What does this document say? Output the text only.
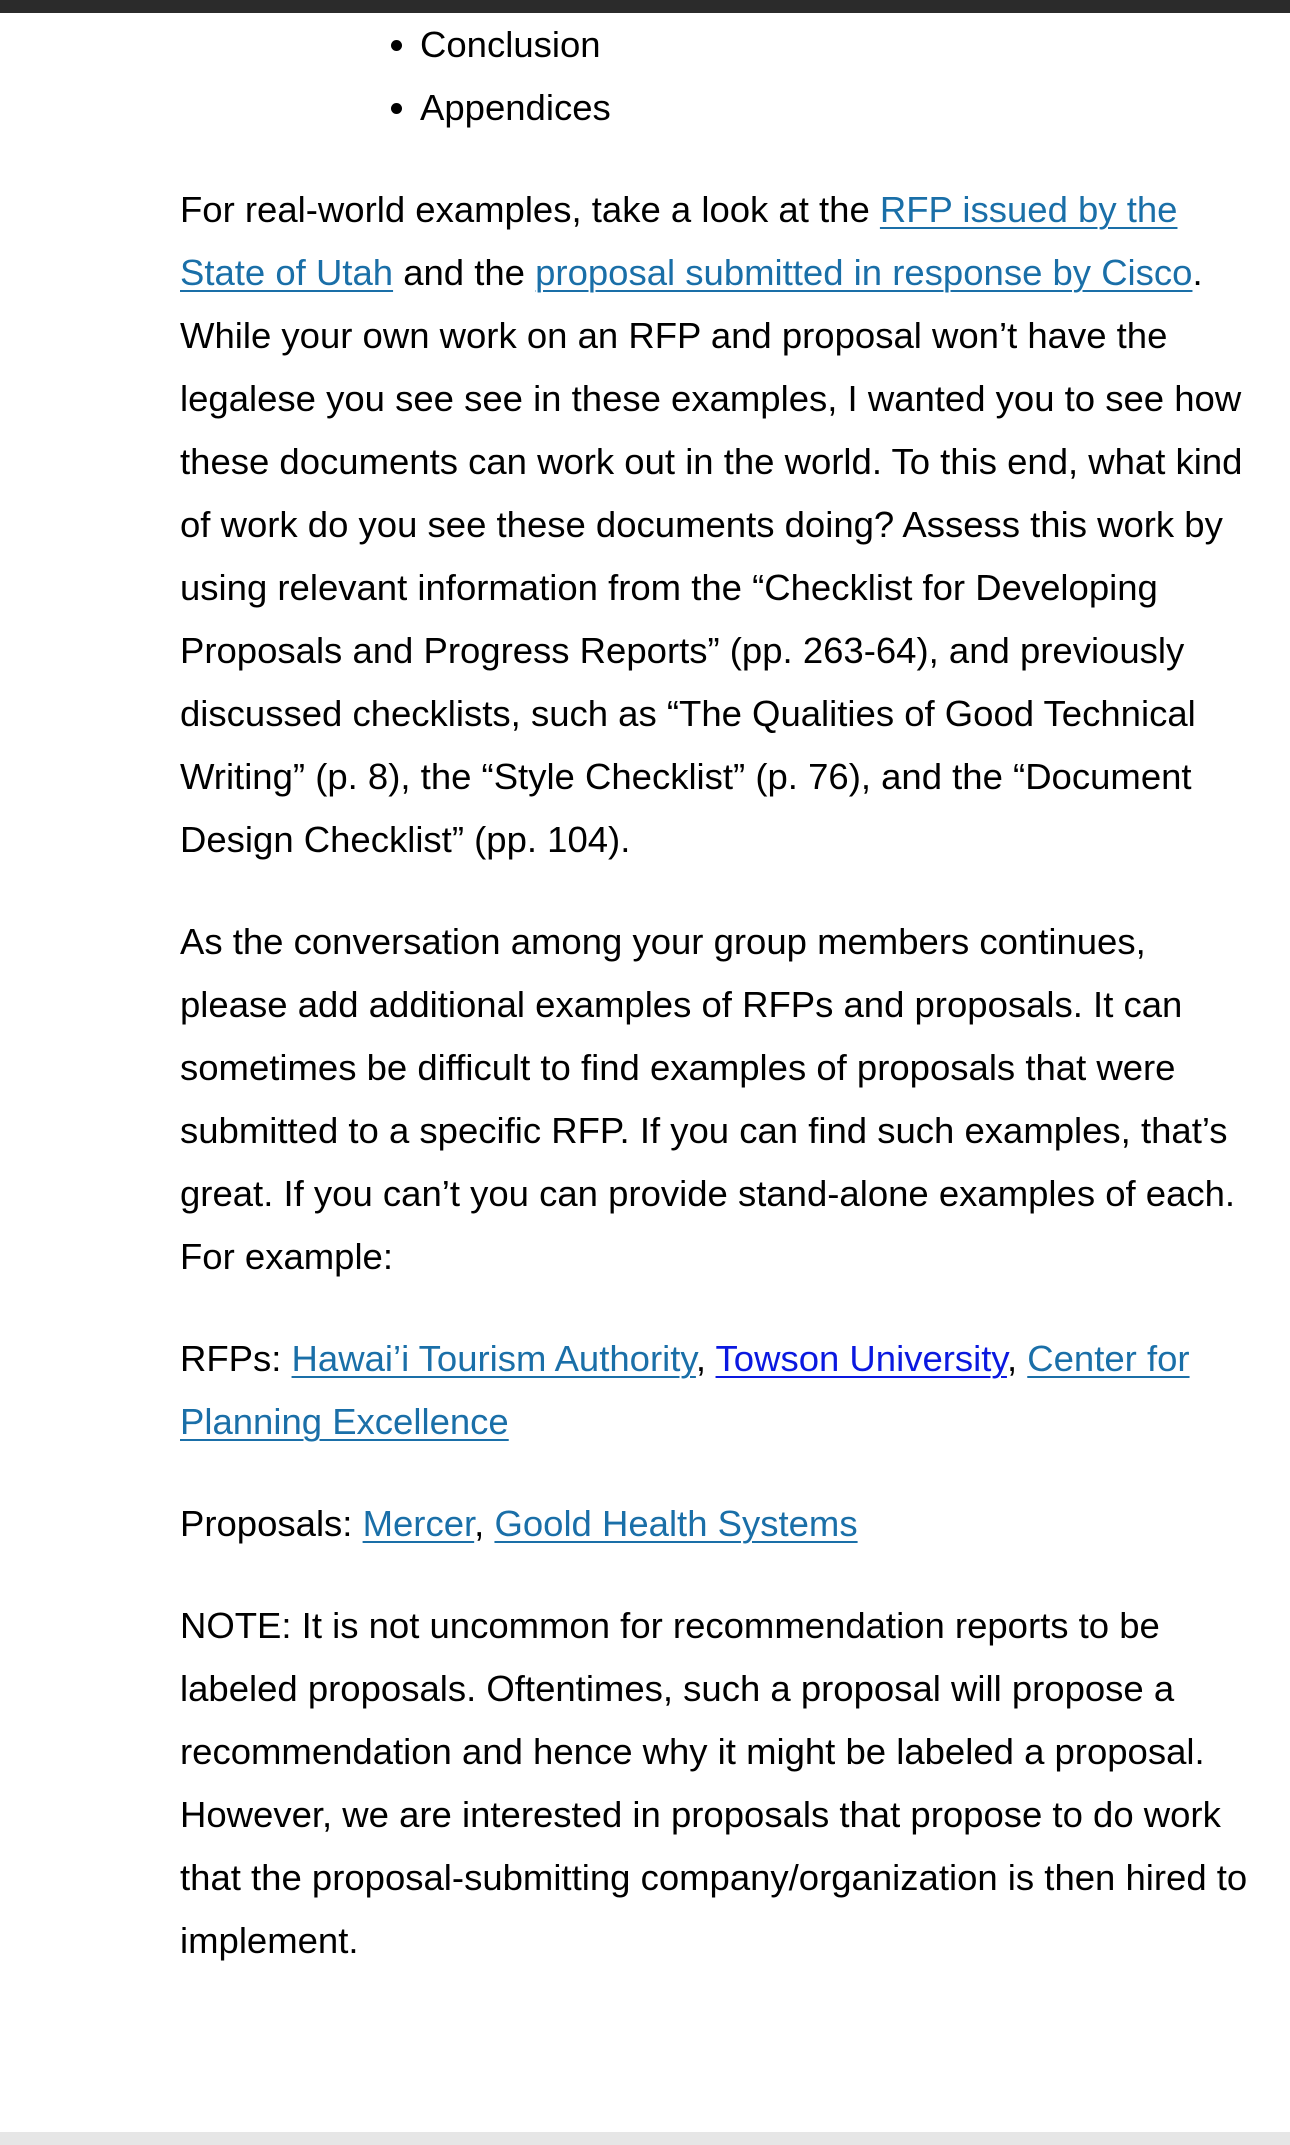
• Conclusion
• Appendices

For real-world examples, take a look at the RFP issued by the State of Utah and the proposal submitted in response by Cisco. While your own work on an RFP and proposal won’t have the legalese you see see in these examples, I wanted you to see how these documents can work out in the world. To this end, what kind of work do you see these documents doing? Assess this work by using relevant information from the “Checklist for Developing Proposals and Progress Reports” (pp. 263-64), and previously discussed checklists, such as “The Qualities of Good Technical Writing” (p. 8), the “Style Checklist” (p. 76), and the “Document Design Checklist” (pp. 104).

As the conversation among your group members continues, please add additional examples of RFPs and proposals. It can sometimes be difficult to find examples of proposals that were submitted to a specific RFP. If you can find such examples, that’s great. If you can’t you can provide stand-alone examples of each. For example:

RFPs: Hawai’i Tourism Authority, Towson University, Center for Planning Excellence

Proposals: Mercer, Goold Health Systems

NOTE: It is not uncommon for recommendation reports to be labeled proposals. Oftentimes, such a proposal will propose a recommendation and hence why it might be labeled a proposal. However, we are interested in proposals that propose to do work that the proposal-submitting company/organization is then hired to implement.
